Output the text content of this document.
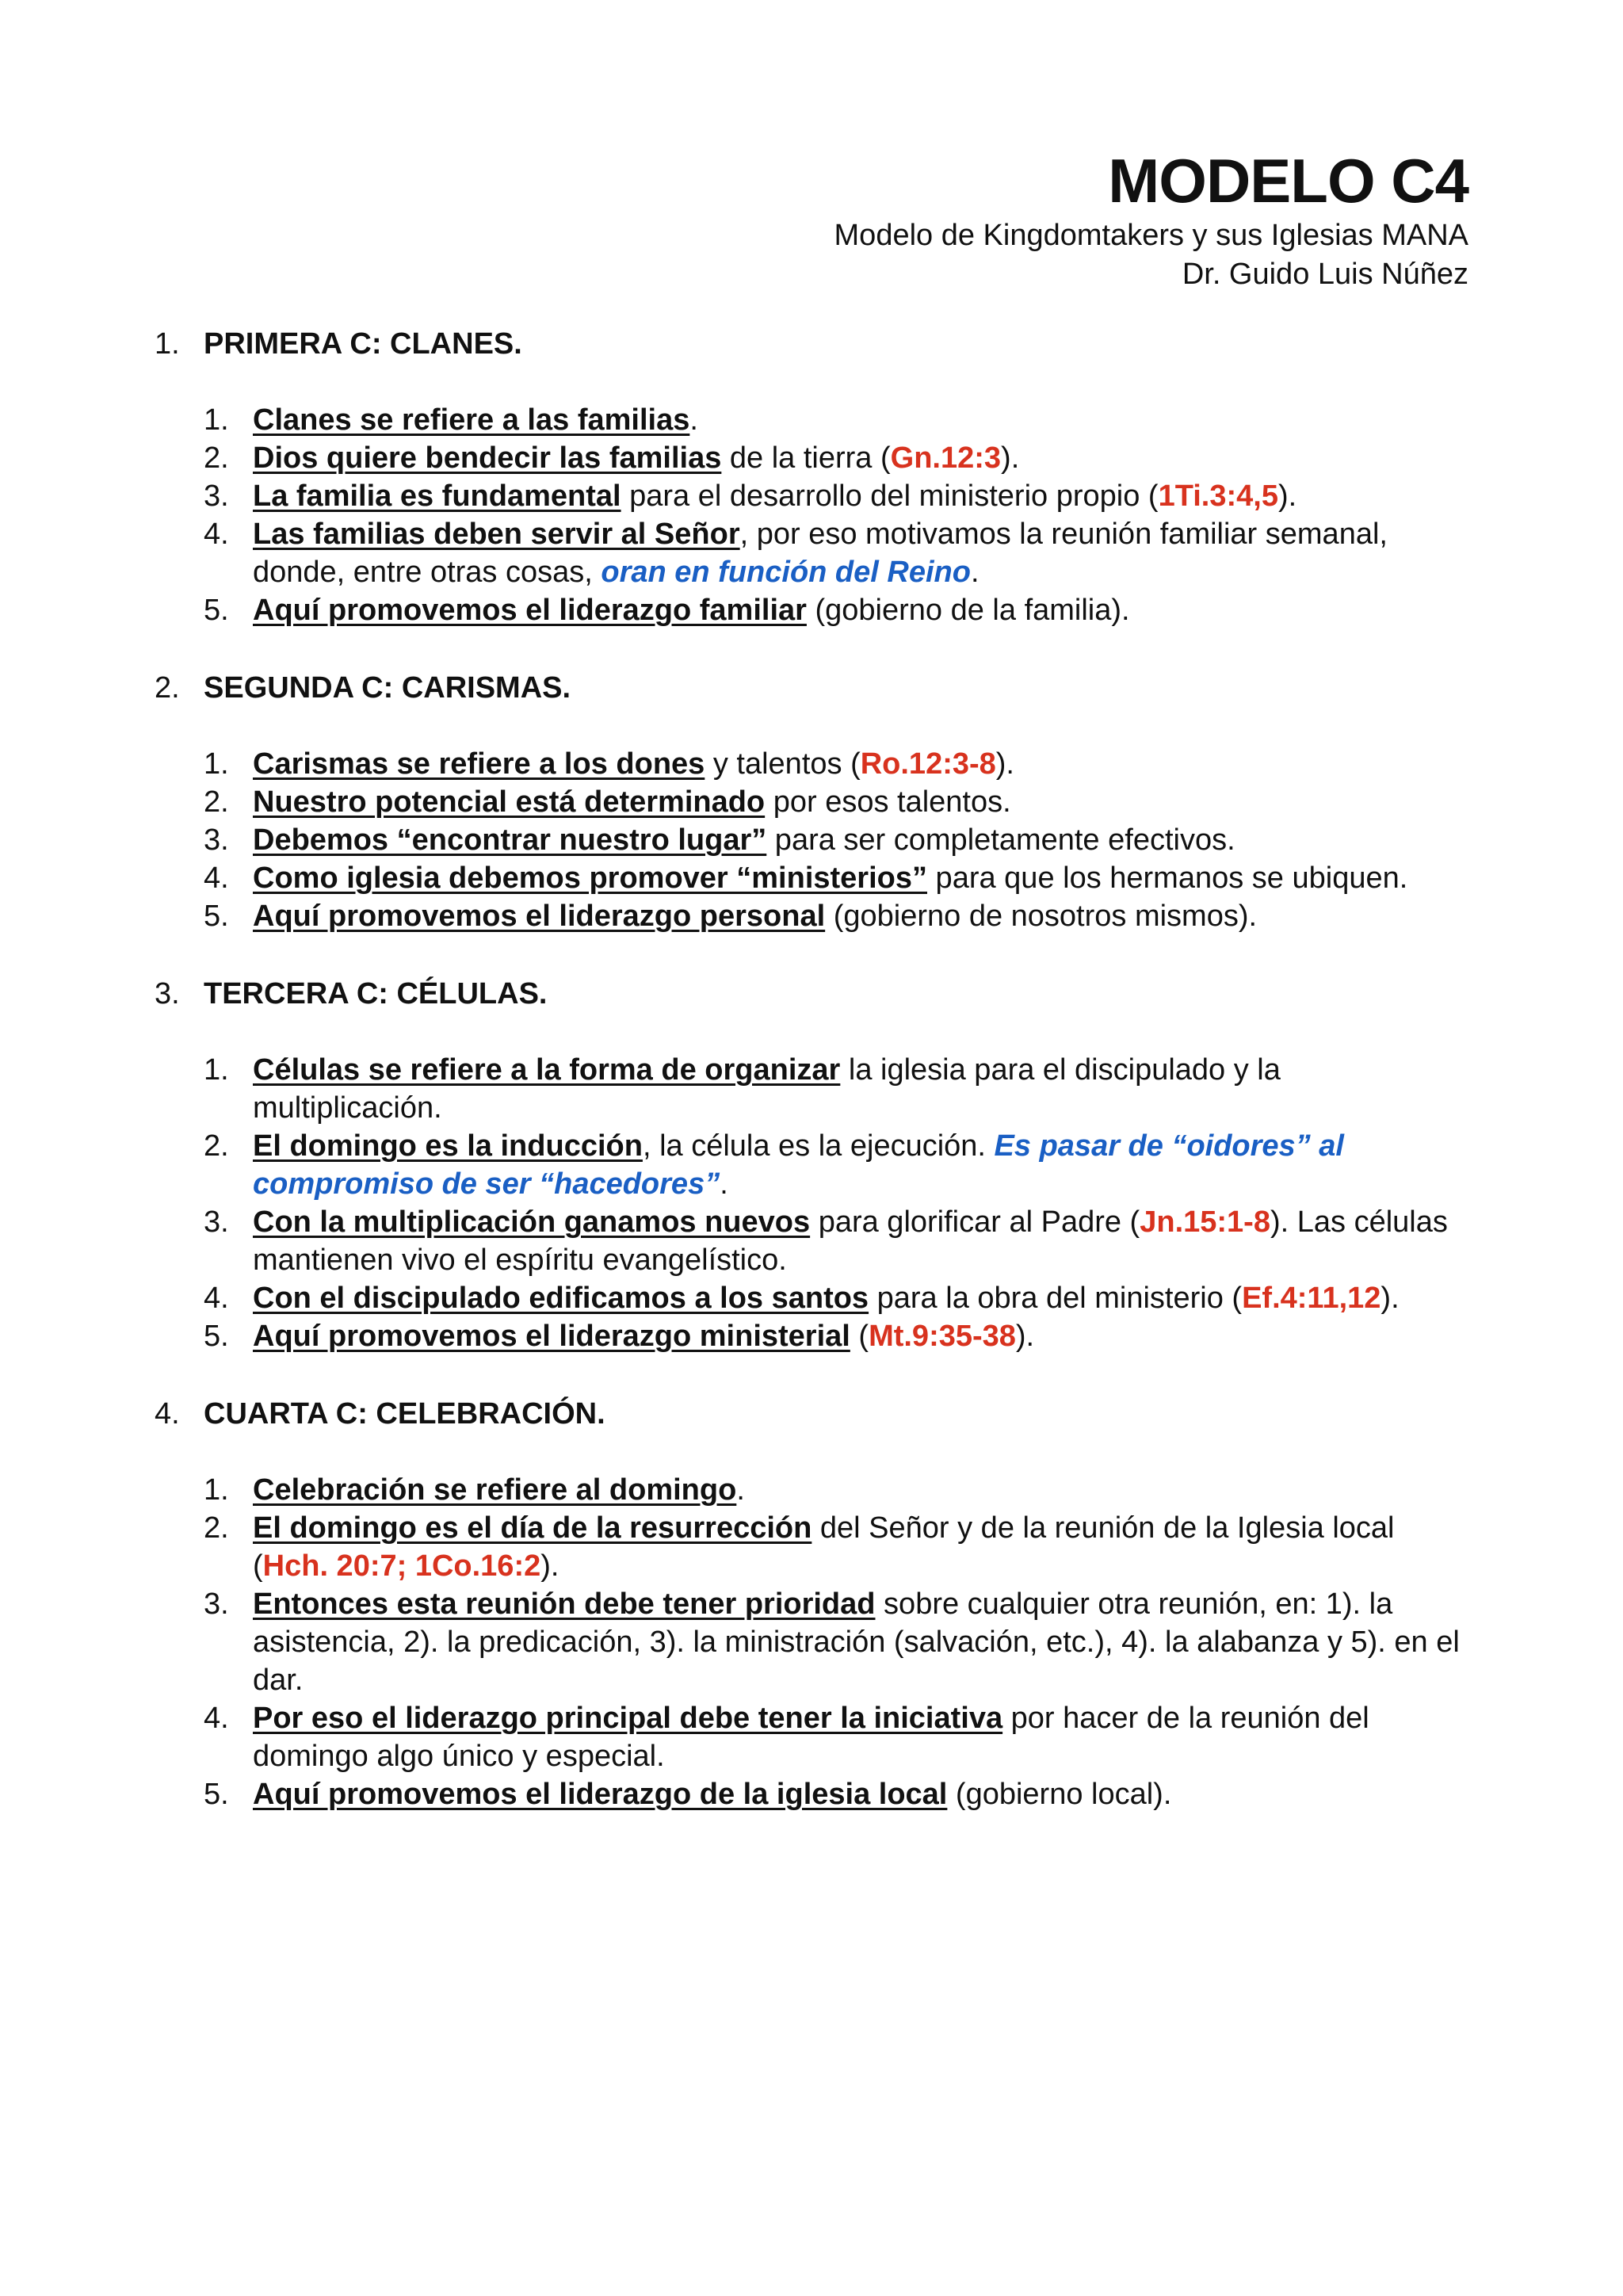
MODELO C4

Modelo de Kingdomtakers y sus Iglesias MANA

Dr. Guido Luis Núñez

1. PRIMERA C: CLANES.
1. Clanes se refiere a las familias.
2. Dios quiere bendecir las familias de la tierra (Gn.12:3).
3. La familia es fundamental para el desarrollo del ministerio propio (1Ti.3:4,5).
4. Las familias deben servir al Señor, por eso motivamos la reunión familiar semanal, donde, entre otras cosas, oran en función del Reino.
5. Aquí promovemos el liderazgo familiar (gobierno de la familia).
2. SEGUNDA C: CARISMAS.
1. Carismas se refiere a los dones y talentos (Ro.12:3-8).
2. Nuestro potencial está determinado por esos talentos.
3. Debemos “encontrar nuestro lugar” para ser completamente efectivos.
4. Como iglesia debemos promover “ministerios” para que los hermanos se ubiquen.
5. Aquí promovemos el liderazgo personal (gobierno de nosotros mismos).
3. TERCERA C: CÉLULAS.
1. Células se refiere a la forma de organizar la iglesia para el discipulado y la multiplicación.
2. El domingo es la inducción, la célula es la ejecución. Es pasar de “oidores” al compromiso de ser “hacedores”.
3. Con la multiplicación ganamos nuevos para glorificar al Padre (Jn.15:1-8). Las células mantienen vivo el espíritu evangelístico.
4. Con el discipulado edificamos a los santos para la obra del ministerio (Ef.4:11,12).
5. Aquí promovemos el liderazgo ministerial (Mt.9:35-38).
4. CUARTA C: CELEBRACIÓN.
1. Celebración se refiere al domingo.
2. El domingo es el día de la resurrección del Señor y de la reunión de la Iglesia local (Hch. 20:7; 1Co.16:2).
3. Entonces esta reunión debe tener prioridad sobre cualquier otra reunión, en: 1). la asistencia, 2). la predicación, 3). la ministración (salvación, etc.), 4). la alabanza y 5). en el dar.
4. Por eso el liderazgo principal debe tener la iniciativa por hacer de la reunión del domingo algo único y especial.
5. Aquí promovemos el liderazgo de la iglesia local (gobierno local).
